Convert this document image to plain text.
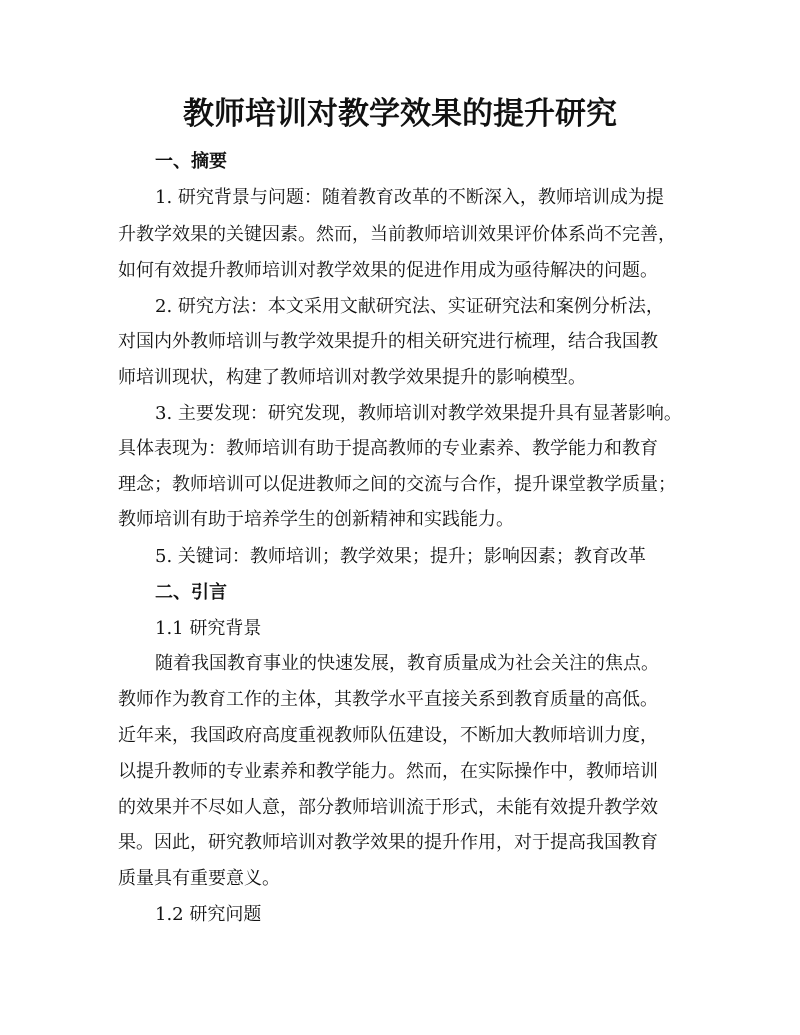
教师培训对教学效果的提升研究
一、摘要
1. 研究背景与问题：随着教育改革的不断深入，教师培训成为提
升教学效果的关键因素。然而，当前教师培训效果评价体系尚不完善，
如何有效提升教师培训对教学效果的促进作用成为亟待解决的问题。
2. 研究方法：本文采用文献研究法、实证研究法和案例分析法，
对国内外教师培训与教学效果提升的相关研究进行梳理，结合我国教
师培训现状，构建了教师培训对教学效果提升的影响模型。
3. 主要发现：研究发现，教师培训对教学效果提升具有显著影响。
具体表现为：教师培训有助于提高教师的专业素养、教学能力和教育
理念；教师培训可以促进教师之间的交流与合作，提升课堂教学质量；
教师培训有助于培养学生的创新精神和实践能力。
5. 关键词：教师培训；教学效果；提升；影响因素；教育改革
二、引言
1.1 研究背景
随着我国教育事业的快速发展，教育质量成为社会关注的焦点。
教师作为教育工作的主体，其教学水平直接关系到教育质量的高低。
近年来，我国政府高度重视教师队伍建设，不断加大教师培训力度，
以提升教师的专业素养和教学能力。然而，在实际操作中，教师培训
的效果并不尽如人意，部分教师培训流于形式，未能有效提升教学效
果。因此，研究教师培训对教学效果的提升作用，对于提高我国教育
质量具有重要意义。
1.2 研究问题
